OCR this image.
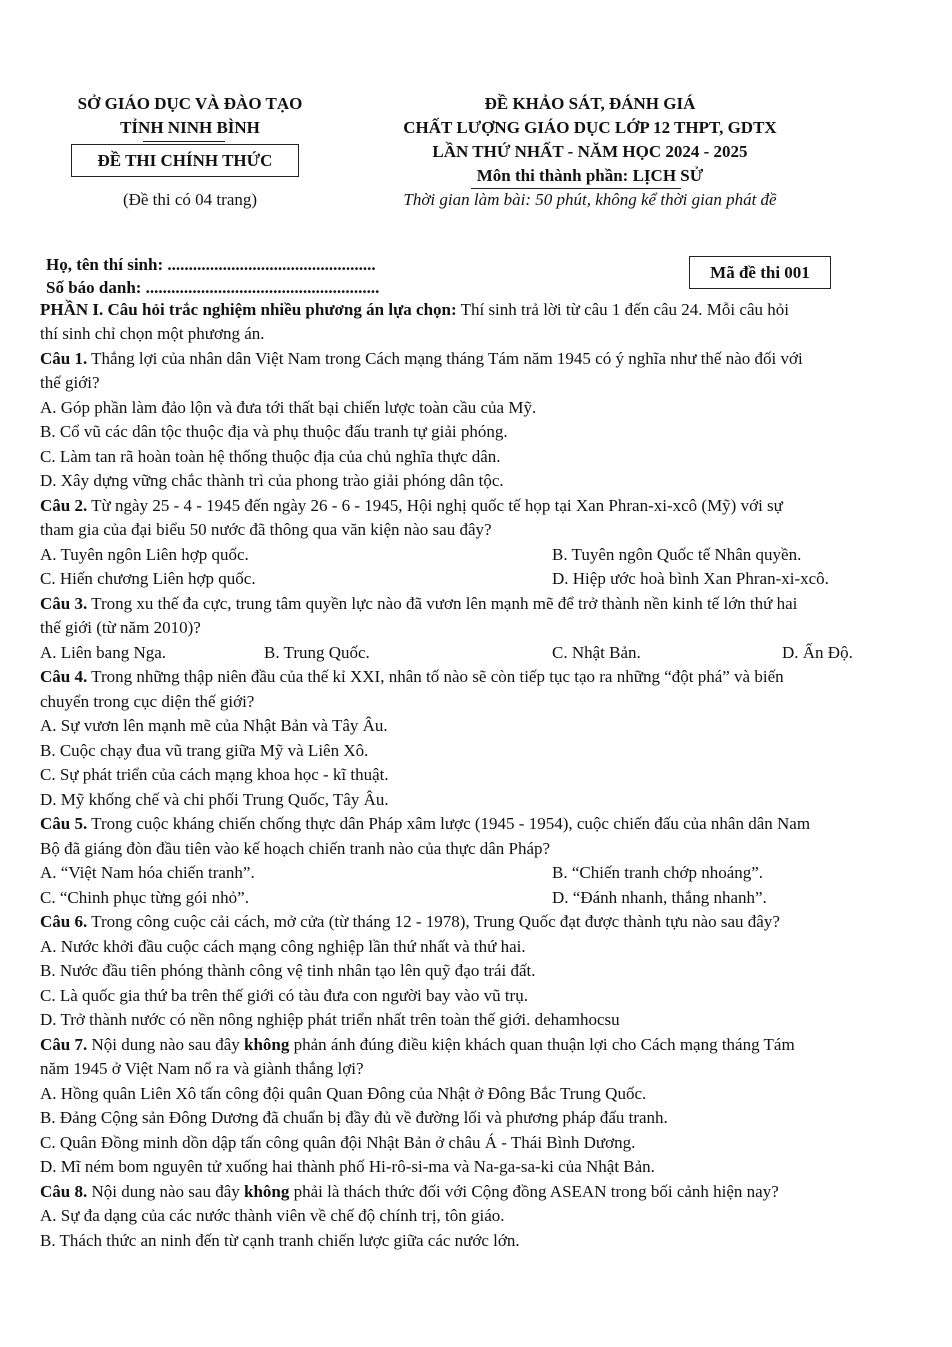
SỞ GIÁO DỤC VÀ ĐÀO TẠO
TỈNH NINH BÌNH
ĐỀ THI CHÍNH THỨC
(Đề thi có 04 trang)
ĐỀ KHẢO SÁT, ĐÁNH GIÁ
CHẤT LƯỢNG GIÁO DỤC LỚP 12 THPT, GDTX
LẦN THỨ NHẤT - NĂM HỌC 2024 - 2025
Môn thi thành phần: LỊCH SỬ
Thời gian làm bài: 50 phút, không kể thời gian phát đề
Họ, tên thí sinh: .................................................
Số báo danh: .......................................................
Mã đề thi 001
PHẦN I. Câu hỏi trắc nghiệm nhiều phương án lựa chọn: Thí sinh trả lời từ câu 1 đến câu 24. Mỗi câu hỏi
thí sinh chỉ chọn một phương án.
Câu 1. Thắng lợi của nhân dân Việt Nam trong Cách mạng tháng Tám năm 1945 có ý nghĩa như thế nào đối với
thế giới?
A. Góp phần làm đảo lộn và đưa tới thất bại chiến lược toàn cầu của Mỹ.
B. Cổ vũ các dân tộc thuộc địa và phụ thuộc đấu tranh tự giải phóng.
C. Làm tan rã hoàn toàn hệ thống thuộc địa của chủ nghĩa thực dân.
D. Xây dựng vững chắc thành trì của phong trào giải phóng dân tộc.
Câu 2. Từ ngày 25 - 4 - 1945 đến ngày 26 - 6 - 1945, Hội nghị quốc tế họp tại Xan Phran-xi-xcô (Mỹ) với sự
tham gia của đại biểu 50 nước đã thông qua văn kiện nào sau đây?
A. Tuyên ngôn Liên hợp quốc.	B. Tuyên ngôn Quốc tế Nhân quyền.
C. Hiến chương Liên hợp quốc.	D. Hiệp ước hoà bình Xan Phran-xi-xcô.
Câu 3. Trong xu thế đa cực, trung tâm quyền lực nào đã vươn lên mạnh mẽ để trở thành nền kinh tế lớn thứ hai
thế giới (từ năm 2010)?
A. Liên bang Nga.	B. Trung Quốc.	C. Nhật Bản.	D. Ấn Độ.
Câu 4. Trong những thập niên đầu của thế kỉ XXI, nhân tố nào sẽ còn tiếp tục tạo ra những “đột phá” và biến
chuyển trong cục diện thế giới?
A. Sự vươn lên mạnh mẽ của Nhật Bản và Tây Âu.
B. Cuộc chạy đua vũ trang giữa Mỹ và Liên Xô.
C. Sự phát triển của cách mạng khoa học - kĩ thuật.
D. Mỹ khống chế và chi phối Trung Quốc, Tây Âu.
Câu 5. Trong cuộc kháng chiến chống thực dân Pháp xâm lược (1945 - 1954), cuộc chiến đấu của nhân dân Nam
Bộ đã giáng đòn đầu tiên vào kế hoạch chiến tranh nào của thực dân Pháp?
A. “Việt Nam hóa chiến tranh”.	B. “Chiến tranh chớp nhoáng”.
C. “Chinh phục từng gói nhỏ”.	D. “Đánh nhanh, thắng nhanh”.
Câu 6. Trong công cuộc cải cách, mở cửa (từ tháng 12 - 1978), Trung Quốc đạt được thành tựu nào sau đây?
A. Nước khởi đầu cuộc cách mạng công nghiệp lần thứ nhất và thứ hai.
B. Nước đầu tiên phóng thành công vệ tinh nhân tạo lên quỹ đạo trái đất.
C. Là quốc gia thứ ba trên thế giới có tàu đưa con người bay vào vũ trụ.
D. Trở thành nước có nền nông nghiệp phát triển nhất trên toàn thế giới. dehamhocsu
Câu 7. Nội dung nào sau đây không phản ánh đúng điều kiện khách quan thuận lợi cho Cách mạng tháng Tám
năm 1945 ở Việt Nam nổ ra và giành thắng lợi?
A. Hồng quân Liên Xô tấn công đội quân Quan Đông của Nhật ở Đông Bắc Trung Quốc.
B. Đảng Cộng sản Đông Dương đã chuẩn bị đầy đủ về đường lối và phương pháp đấu tranh.
C. Quân Đồng minh dồn dập tấn công quân đội Nhật Bản ở châu Á - Thái Bình Dương.
D. Mĩ ném bom nguyên tử xuống hai thành phố Hi-rô-si-ma và Na-ga-sa-ki của Nhật Bản.
Câu 8. Nội dung nào sau đây không phải là thách thức đối với Cộng đồng ASEAN trong bối cảnh hiện nay?
A. Sự đa dạng của các nước thành viên về chế độ chính trị, tôn giáo.
B. Thách thức an ninh đến từ cạnh tranh chiến lược giữa các nước lớn.
